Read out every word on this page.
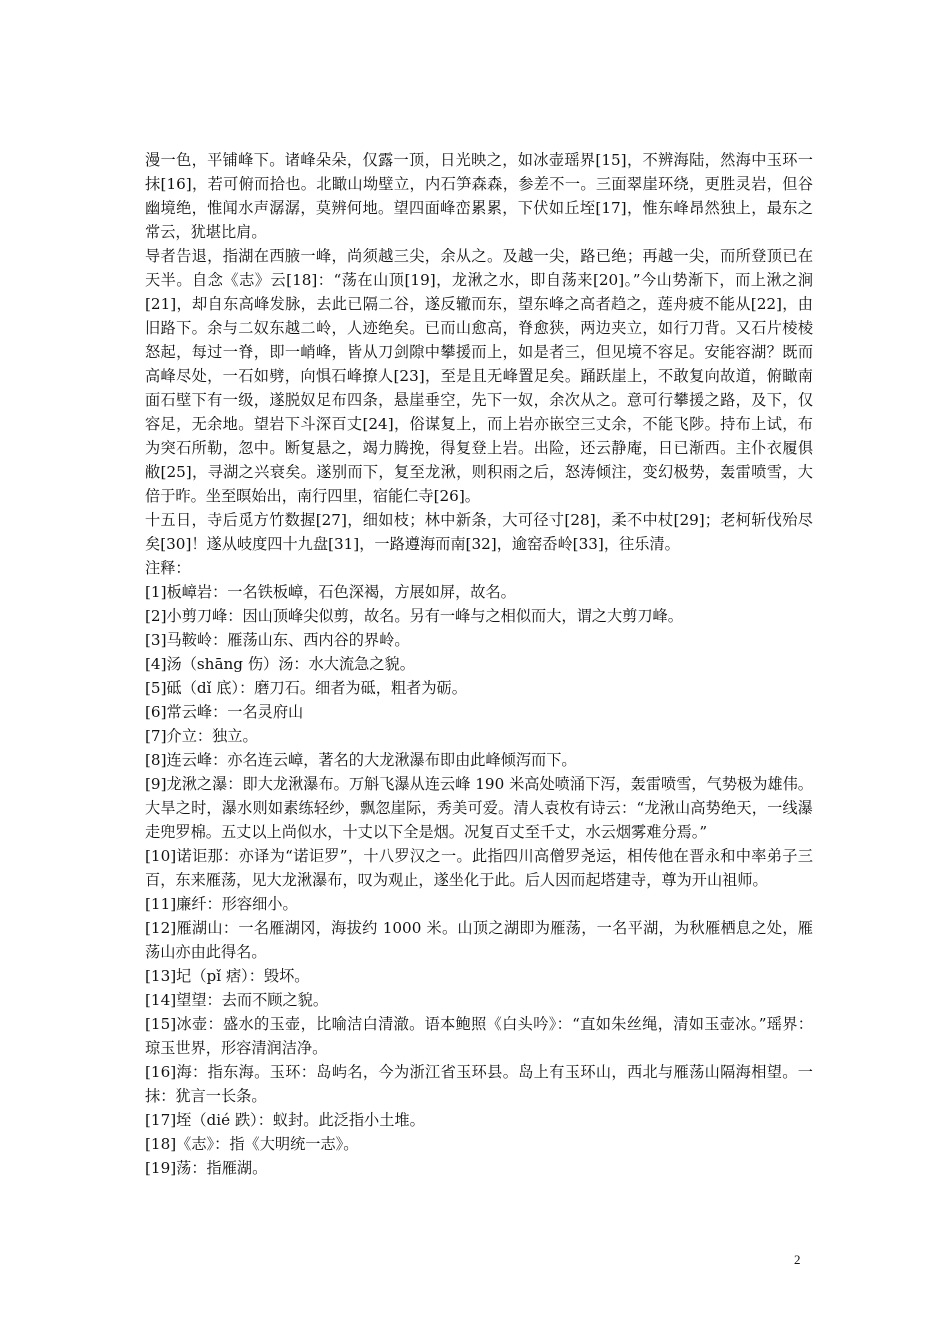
漫一色，平铺峰下。诸峰朵朵，仅露一顶，日光映之，如冰壶瑶界[15]，不辨海陆，然海中玉环一抹[16]，若可俯而拾也。北瞰山坳壁立，内石笋森森，参差不一。三面翠崖环绕，更胜灵岩，但谷幽境绝，惟闻水声潺潺，莫辨何地。望四面峰峦累累，下伏如丘垤[17]，惟东峰昂然独上，最东之常云，犹堪比肩。

导者告退，指湖在西腋一峰，尚须越三尖，余从之。及越一尖，路已绝；再越一尖，而所登顶已在天半。自念《志》云[18]：“荡在山顶[19]，龙湫之水，即自荡来[20]。”今山势渐下，而上湫之涧[21]，却自东高峰发脉，去此已隔二谷，遂反辙而东，望东峰之高者趋之，莲舟疲不能从[22]，由旧路下。余与二奴东越二岭，人迹绝矣。已而山愈高，脊愈狭，两边夹立，如行刀背。又石片棱棱怒起，每过一脊，即一峭峰，皆从刀剑隙中攀援而上，如是者三，但见境不容足。安能容湖？既而高峰尽处，一石如劈，向惧石峰撩人[23]，至是且无峰置足矣。踊跃崖上，不敢复向故道，俯瞰南面石壁下有一级，遂脱奴足布四条，悬崖垂空，先下一奴，余次从之。意可行攀援之路，及下，仅容足，无余地。望岩下斗深百丈[24]，俗谋复上，而上岩亦嵌空三丈余，不能飞陟。持布上试，布为突石所勒，忽中。断复悬之，竭力腾挽，得复登上岩。出险，还云静庵，日已渐西。主仆衣履俱敝[25]，寻湖之兴衰矣。遂别而下，复至龙湫，则积雨之后，怒涛倾注，变幻极势，轰雷喷雪，大倍于昨。坐至暝始出，南行四里，宿能仁寺[26]。

十五日，寺后觅方竹数握[27]，细如枝；林中新条，大可径寸[28]，柔不中杖[29]；老柯斩伐殆尽矣[30]！遂从岐度四十九盘[31]，一路遵海而南[32]，逾窑岙岭[33]，往乐清。

注释：

[1]板嶂岩：一名铁板嶂，石色深褐，方展如屏，故名。

[2]小剪刀峰：因山顶峰尖似剪，故名。另有一峰与之相似而大，谓之大剪刀峰。

[3]马鞍岭：雁荡山东、西内谷的界岭。

[4]汤（shāng 伤）汤：水大流急之貌。

[5]砥（dǐ 底）：磨刀石。细者为砥，粗者为砺。

[6]常云峰：一名灵府山

[7]介立：独立。

[8]连云峰：亦名连云嶂，著名的大龙湫瀑布即由此峰倾泻而下。

[9]龙湫之瀑：即大龙湫瀑布。万斛飞瀑从连云峰 190 米高处喷涌下泻，轰雷喷雪，气势极为雄伟。大旱之时，瀑水则如素练轻纱，飘忽崖际，秀美可爱。清人袁枚有诗云：“龙湫山高势绝天，一线瀑走兜罗棉。五丈以上尚似水，十丈以下全是烟。况复百丈至千丈，水云烟雾难分焉。”

[10]诺讵那：亦译为“诺讵罗”，十八罗汉之一。此指四川高僧罗尧运，相传他在晋永和中率弟子三百，东来雁荡，见大龙湫瀑布，叹为观止，遂坐化于此。后人因而起塔建寺，尊为开山祖师。

[11]廉纤：形容细小。

[12]雁湖山：一名雁湖冈，海拔约 1000 米。山顶之湖即为雁荡，一名平湖，为秋雁栖息之处，雁荡山亦由此得名。

[13]圮（pǐ 痞）：毁坏。

[14]望望：去而不顾之貌。

[15]冰壶：盛水的玉壶，比喻洁白清澈。语本鲍照《白头吟》：“直如朱丝绳，清如玉壶冰。”瑶界：琼玉世界，形容清润洁净。

[16]海：指东海。玉环：岛屿名，今为浙江省玉环县。岛上有玉环山，西北与雁荡山隔海相望。一抹：犹言一长条。

[17]垤（dié 跌）：蚁封。此泛指小土堆。

[18]《志》：指《大明统一志》。

[19]荡：指雁湖。

2
